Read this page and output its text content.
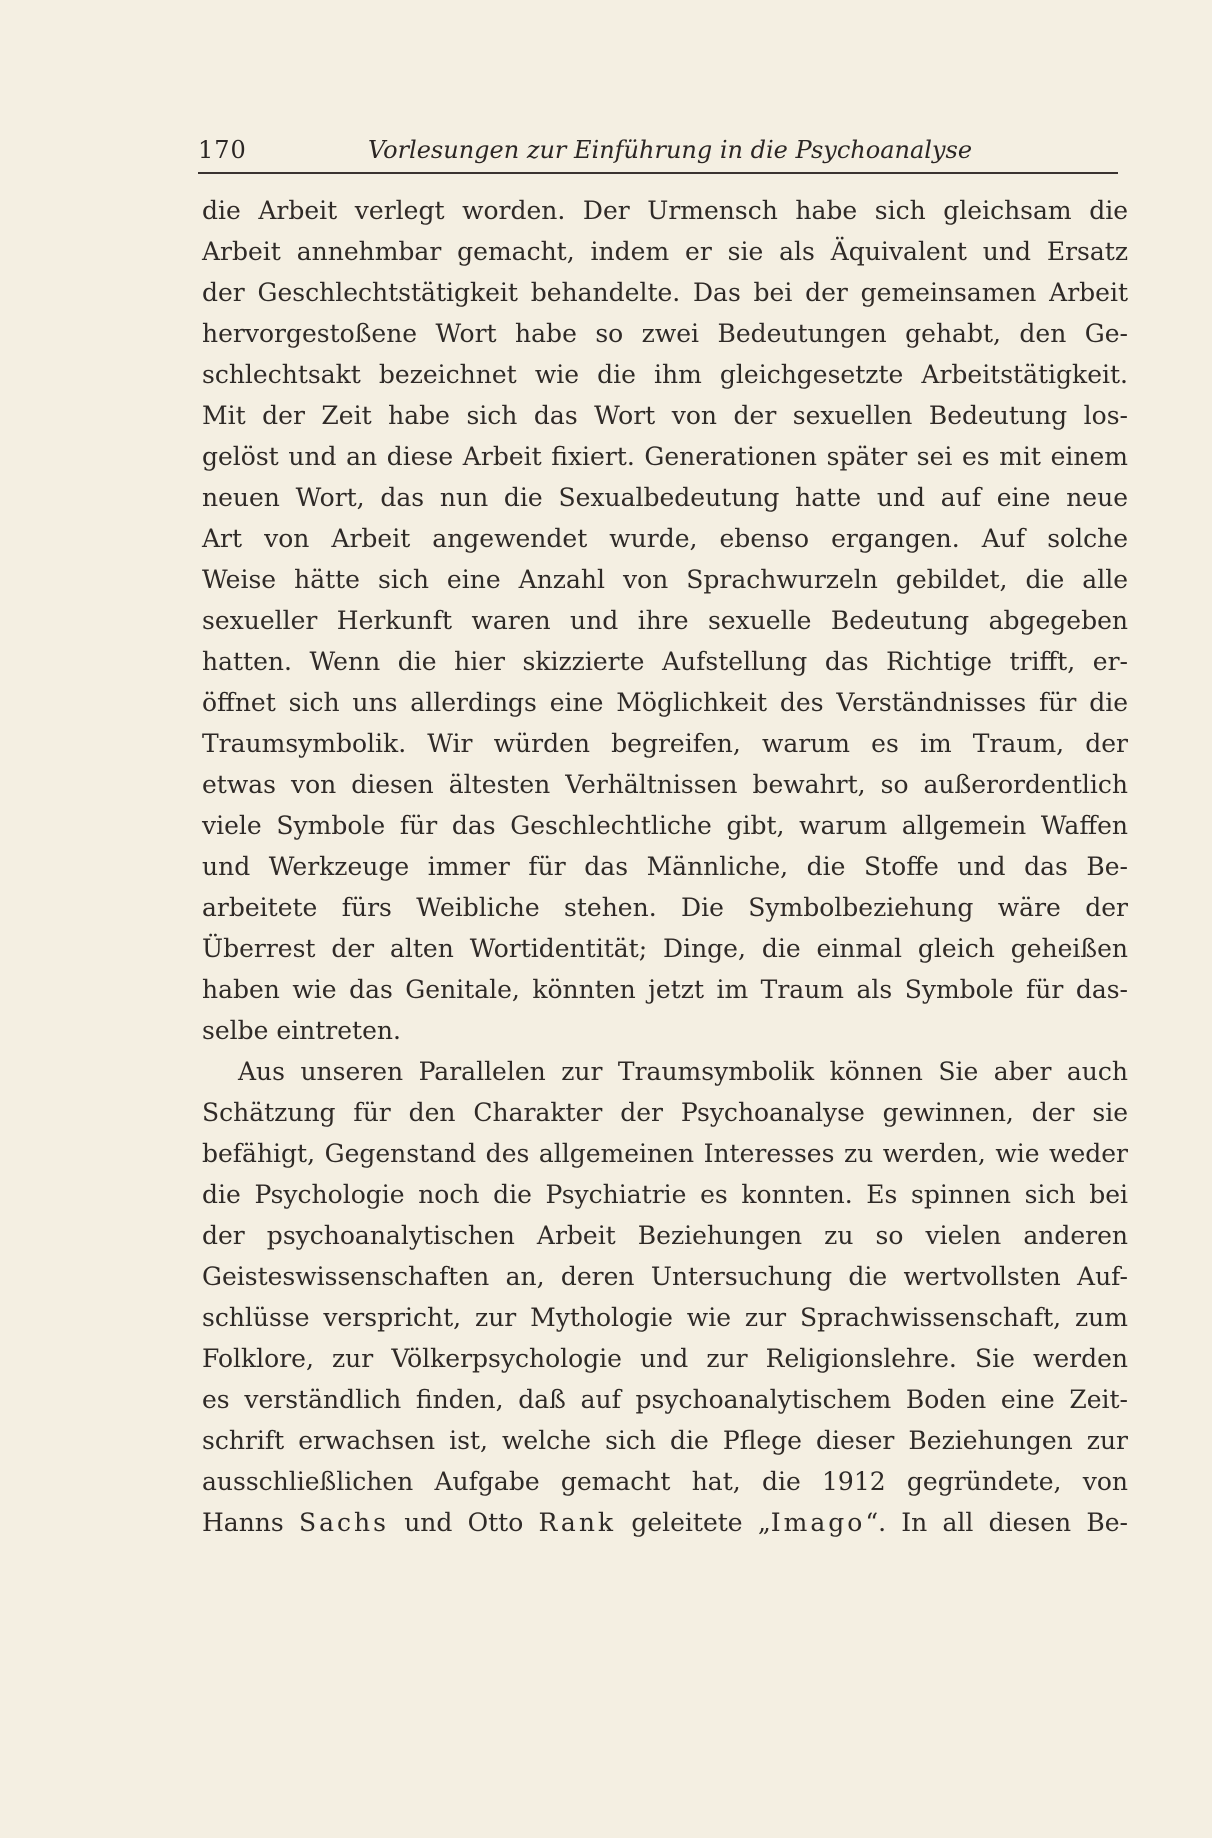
170	Vorlesungen zur Einführung in die Psychoanalyse
die Arbeit verlegt worden. Der Urmensch habe sich gleichsam die
Arbeit annehmbar gemacht, indem er sie als Äquivalent und Ersatz
der Geschlechtstätigkeit behandelte. Das bei der gemeinsamen Arbeit
hervorgestoßene Wort habe so zwei Bedeutungen gehabt, den Ge-
schlechtsakt bezeichnet wie die ihm gleichgesetzte Arbeitstätigkeit.
Mit der Zeit habe sich das Wort von der sexuellen Bedeutung los-
gelöst und an diese Arbeit fixiert. Generationen später sei es mit einem
neuen Wort, das nun die Sexualbedeutung hatte und auf eine neue
Art von Arbeit angewendet wurde, ebenso ergangen. Auf solche
Weise hätte sich eine Anzahl von Sprachwurzeln gebildet, die alle
sexueller Herkunft waren und ihre sexuelle Bedeutung abgegeben
hatten. Wenn die hier skizzierte Aufstellung das Richtige trifft, er-
öffnet sich uns allerdings eine Möglichkeit des Verständnisses für die
Traumsymbolik. Wir würden begreifen, warum es im Traum, der
etwas von diesen ältesten Verhältnissen bewahrt, so außerordentlich
viele Symbole für das Geschlechtliche gibt, warum allgemein Waffen
und Werkzeuge immer für das Männliche, die Stoffe und das Be-
arbeitete fürs Weibliche stehen. Die Symbolbeziehung wäre der
Überrest der alten Wortidentität; Dinge, die einmal gleich geheißen
haben wie das Genitale, könnten jetzt im Traum als Symbole für das-
selbe eintreten.
Aus unseren Parallelen zur Traumsymbolik können Sie aber auch
Schätzung für den Charakter der Psychoanalyse gewinnen, der sie
befähigt, Gegenstand des allgemeinen Interesses zu werden, wie weder
die Psychologie noch die Psychiatrie es konnten. Es spinnen sich bei
der psychoanalytischen Arbeit Beziehungen zu so vielen anderen
Geisteswissenschaften an, deren Untersuchung die wertvollsten Auf-
schlüsse verspricht, zur Mythologie wie zur Sprachwissenschaft, zum
Folklore, zur Völkerpsychologie und zur Religionslehre. Sie werden
es verständlich finden, daß auf psychoanalytischem Boden eine Zeit-
schrift erwachsen ist, welche sich die Pflege dieser Beziehungen zur
ausschließlichen Aufgabe gemacht hat, die 1912 gegründete, von
Hanns Sachs und Otto Rank geleitete „Imago“. In all diesen Be-
